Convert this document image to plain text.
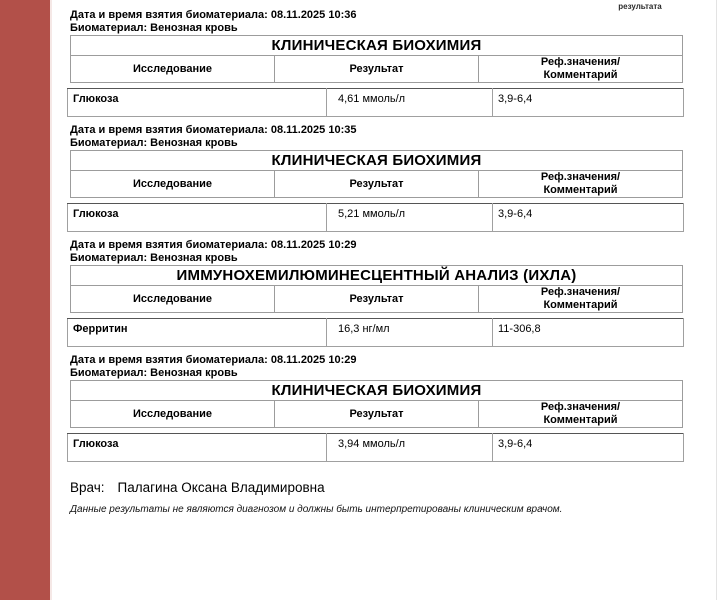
результата
Дата и время взятия биоматериала: 08.11.2025 10:36
Биоматериал: Венозная кровь
КЛИНИЧЕСКАЯ БИОХИМИЯ
Исследование	Результат	Реф.значения/
Комментарий
Глюкоза	4,61 ммоль/л	3,9-6,4
Дата и время взятия биоматериала: 08.11.2025 10:35
Биоматериал: Венозная кровь
КЛИНИЧЕСКАЯ БИОХИМИЯ
Исследование	Результат	Реф.значения/
Комментарий
Глюкоза	5,21 ммоль/л	3,9-6,4
Дата и время взятия биоматериала: 08.11.2025 10:29
Биоматериал: Венозная кровь
ИММУНОХЕМИЛЮМИНЕСЦЕНТНЫЙ АНАЛИЗ (ИХЛА)
Исследование	Результат	Реф.значения/
Комментарий
Ферритин	16,3 нг/мл	11-306,8
Дата и время взятия биоматериала: 08.11.2025 10:29
Биоматериал: Венозная кровь
КЛИНИЧЕСКАЯ БИОХИМИЯ
Исследование	Результат	Реф.значения/
Комментарий
Глюкоза	3,94 ммоль/л	3,9-6,4
Врач: Палагина Оксана Владимировна
Данные результаты не являются диагнозом и должны быть интерпретированы клиническим врачом.
